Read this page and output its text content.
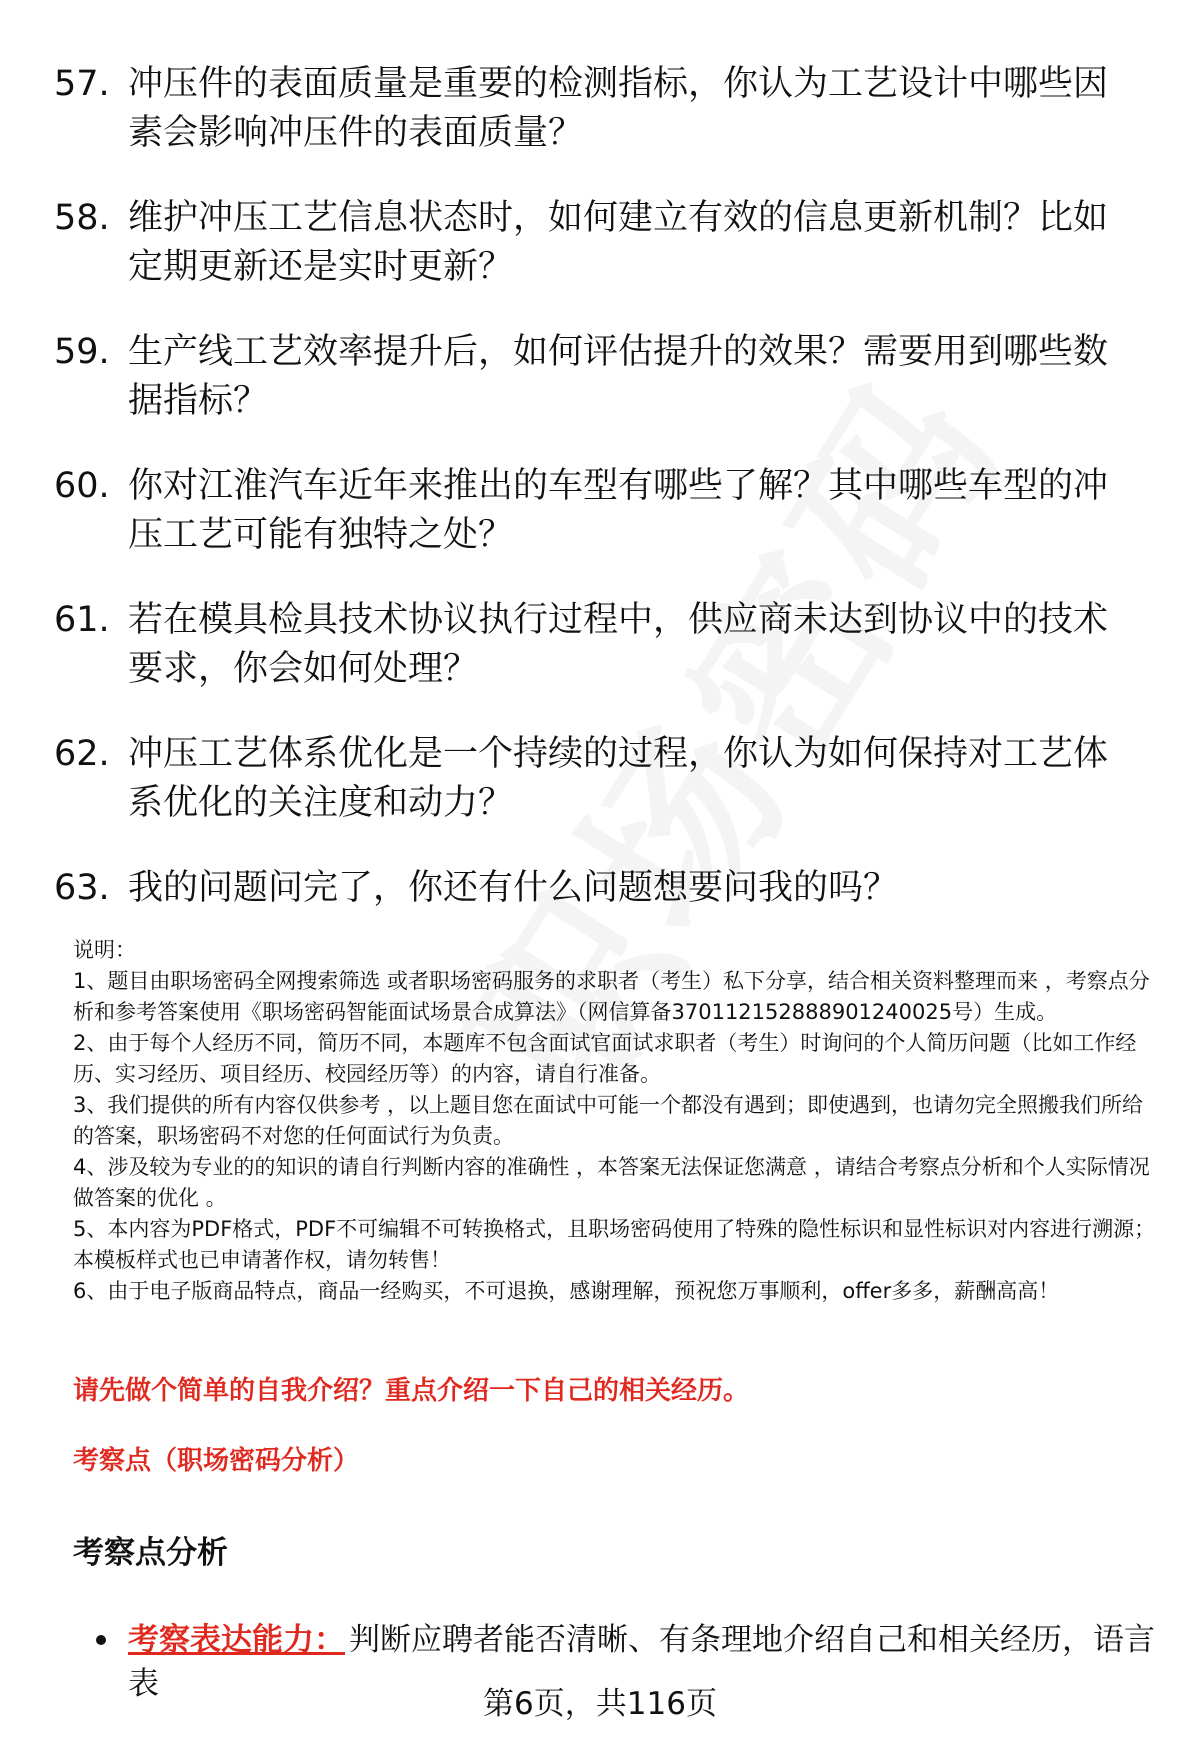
57. 冲压件的表面质量是重要的检测指标，你认为工艺设计中哪些因素会影响冲压件的表面质量？
58. 维护冲压工艺信息状态时，如何建立有效的信息更新机制？比如定期更新还是实时更新？
59. 生产线工艺效率提升后，如何评估提升的效果？需要用到哪些数据指标？
60. 你对江淮汽车近年来推出的车型有哪些了解？其中哪些车型的冲压工艺可能有独特之处？
61. 若在模具检具技术协议执行过程中，供应商未达到协议中的技术要求，你会如何处理？
62. 冲压工艺体系优化是一个持续的过程，你认为如何保持对工艺体系优化的关注度和动力？
63. 我的问题问完了，你还有什么问题想要问我的吗？

说明：

1、题目由职场密码全网搜索筛选 或者职场密码服务的求职者（考生）私下分享，结合相关资料整理而来 ，考察点分析和参考答案使用《职场密码智能面试场景合成算法》（网信算备370112152888901240025号）生成。

2、由于每个人经历不同，简历不同，本题库不包含面试官面试求职者（考生）时询问的个人简历问题（比如工作经历、实习经历、项目经历、校园经历等）的内容，请自行准备。

3、我们提供的所有内容仅供参考 ，以上题目您在面试中可能一个都没有遇到；即使遇到，也请勿完全照搬我们所给的答案，职场密码不对您的任何面试行为负责。

4、涉及较为专业的的知识的请自行判断内容的准确性 ，本答案无法保证您满意 ，请结合考察点分析和个人实际情况做答案的优化 。

5、本内容为PDF格式，PDF不可编辑不可转换格式，且职场密码使用了特殊的隐性标识和显性标识对内容进行溯源；本模板样式也已申请著作权，请勿转售！

6、由于电子版商品特点，商品一经购买，不可退换，感谢理解，预祝您万事顺利，offer多多，薪酬高高！

请先做个简单的自我介绍？重点介绍一下自己的相关经历。
考察点（职场密码分析）
考察点分析
考察表达能力： 判断应聘者能否清晰、有条理地介绍自己和相关经历，语言表
第6页，共116页
